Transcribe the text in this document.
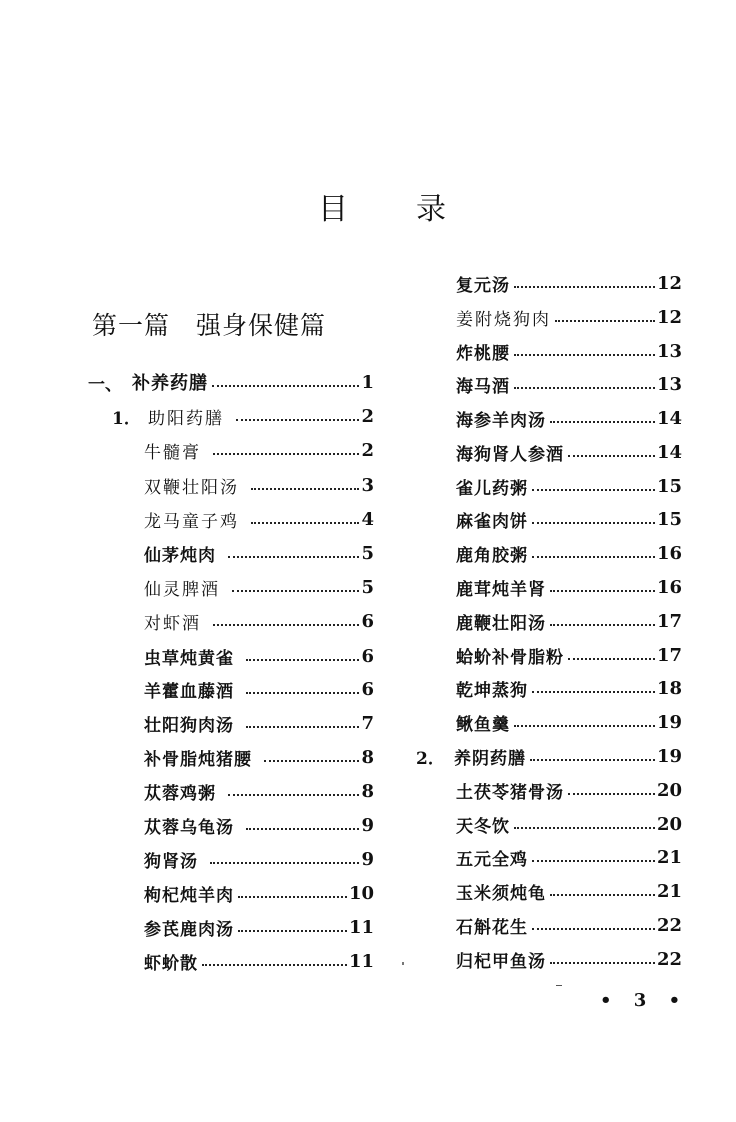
目 录
第一篇 强身保健篇
一、 补养药膳	1
1． 助阳药膳	2
牛髓膏	2
双鞭壮阳汤	3
龙马童子鸡	4
仙茅炖肉	5
仙灵脾酒	5
对虾酒	6
虫草炖黄雀	6
羊藿血藤酒	6
壮阳狗肉汤	7
补骨脂炖猪腰	8
苁蓉鸡粥	8
苁蓉乌龟汤	9
狗肾汤	9
枸杞炖羊肉	10
参芪鹿肉汤	11
虾蚧散	11
复元汤	12
姜附烧狗肉	12
炸桃腰	13
海马酒	13
海参羊肉汤	14
海狗肾人参酒	14
雀儿药粥	15
麻雀肉饼	15
鹿角胶粥	16
鹿茸炖羊肾	16
鹿鞭壮阳汤	17
蛤蚧补骨脂粉	17
乾坤蒸狗	18
鳅鱼羹	19
2． 养阴药膳	19
土茯苓猪骨汤	20
天冬饮	20
五元全鸡	21
玉米须炖龟	21
石斛花生	22
归杞甲鱼汤	22
• 3 •
